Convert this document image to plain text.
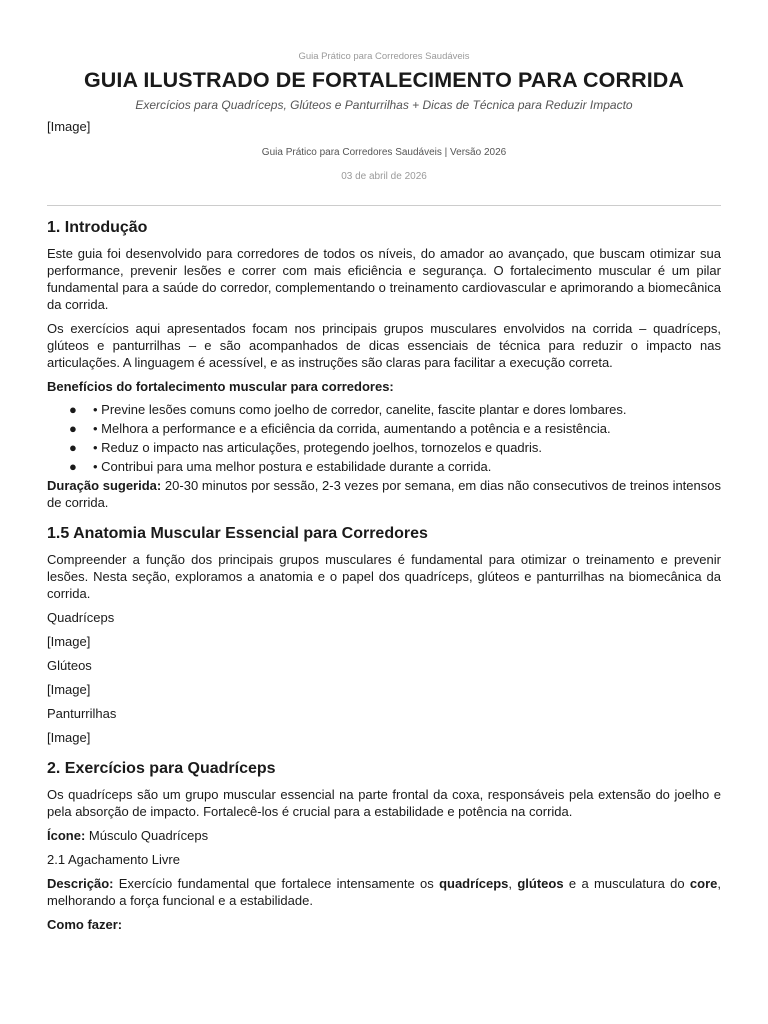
Guia Prático para Corredores Saudáveis
GUIA ILUSTRADO DE FORTALECIMENTO PARA CORRIDA
Exercícios para Quadríceps, Glúteos e Panturrilhas + Dicas de Técnica para Reduzir Impacto
[Image]
Guia Prático para Corredores Saudáveis | Versão 2026
03 de abril de 2026
1. Introdução

Este guia foi desenvolvido para corredores de todos os níveis, do amador ao avançado, que buscam otimizar sua performance, prevenir lesões e correr com mais eficiência e segurança. O fortalecimento muscular é um pilar fundamental para a saúde do corredor, complementando o treinamento cardiovascular e aprimorando a biomecânica da corrida.

Os exercícios aqui apresentados focam nos principais grupos musculares envolvidos na corrida – quadríceps, glúteos e panturrilhas – e são acompanhados de dicas essenciais de técnica para reduzir o impacto nas articulações. A linguagem é acessível, e as instruções são claras para facilitar a execução correta.

Benefícios do fortalecimento muscular para corredores:

● • Previne lesões comuns como joelho de corredor, canelite, fascite plantar e dores lombares.
● • Melhora a performance e a eficiência da corrida, aumentando a potência e a resistência.
● • Reduz o impacto nas articulações, protegendo joelhos, tornozelos e quadris.
● • Contribui para uma melhor postura e estabilidade durante a corrida.

Duração sugerida: 20-30 minutos por sessão, 2-3 vezes por semana, em dias não consecutivos de treinos intensos de corrida.

1.5 Anatomia Muscular Essencial para Corredores

Compreender a função dos principais grupos musculares é fundamental para otimizar o treinamento e prevenir lesões. Nesta seção, exploramos a anatomia e o papel dos quadríceps, glúteos e panturrilhas na biomecânica da corrida.

Quadríceps

[Image]

Glúteos

[Image]

Panturrilhas

[Image]

2. Exercícios para Quadríceps

Os quadríceps são um grupo muscular essencial na parte frontal da coxa, responsáveis pela extensão do joelho e pela absorção de impacto. Fortalecê-los é crucial para a estabilidade e potência na corrida.

Ícone: Músculo Quadríceps

2.1 Agachamento Livre

Descrição: Exercício fundamental que fortalece intensamente os quadríceps, glúteos e a musculatura do core, melhorando a força funcional e a estabilidade.

Como fazer:
